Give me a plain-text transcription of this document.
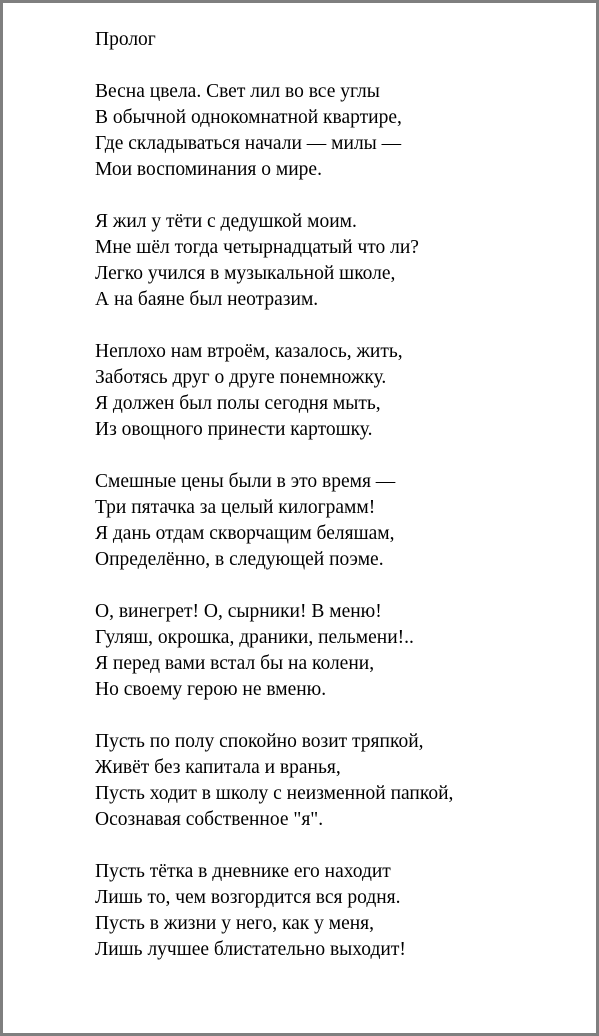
Пролог
Весна цвела. Свет лил во все углы
В обычной однокомнатной квартире,
Где складываться начали — милы —
Мои воспоминания о мире.
Я жил у тёти с дедушкой моим.
Мне шёл тогда четырнадцатый что ли?
Легко учился в музыкальной школе,
А на баяне был неотразим.
Неплохо нам втроём, казалось, жить,
Заботясь друг о друге понемножку.
Я должен был полы сегодня мыть,
Из овощного принести картошку.
Смешные цены были в это время —
Три пятачка за целый килограмм!
Я дань отдам скворчащим беляшам,
Определённо, в следующей поэме.
О, винегрет! О, сырники! В меню!
Гуляш, окрошка, драники, пельмени!..
Я перед вами встал бы на колени,
Но своему герою не вменю.
Пусть по полу спокойно возит тряпкой,
Живёт без капитала и вранья,
Пусть ходит в школу с неизменной папкой,
Осознавая собственное "я".
Пусть тётка в дневнике его находит
Лишь то, чем возгордится вся родня.
Пусть в жизни у него, как у меня,
Лишь лучшее блистательно выходит!
